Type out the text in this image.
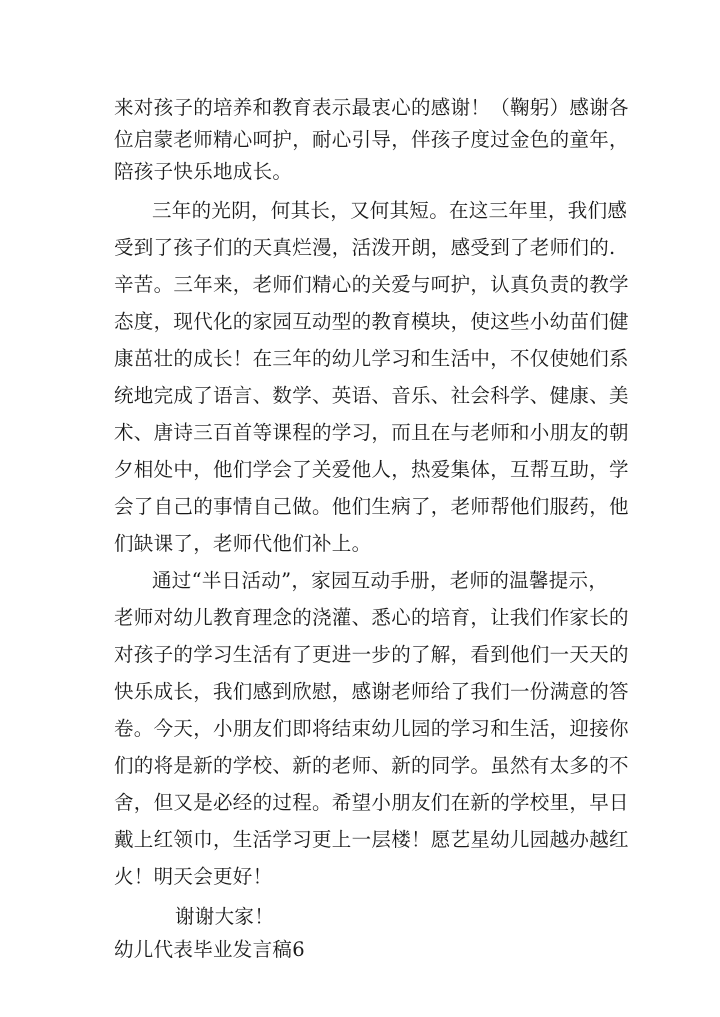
来对孩子的培养和教育表示最衷心的感谢！（鞠躬）感谢各
位启蒙老师精心呵护，耐心引导，伴孩子度过金色的童年，
陪孩子快乐地成长。
三年的光阴，何其长，又何其短。在这三年里，我们感
受到了孩子们的天真烂漫，活泼开朗，感受到了老师们的.
辛苦。三年来，老师们精心的关爱与呵护，认真负责的教学
态度，现代化的家园互动型的教育模块，使这些小幼苗们健
康茁壮的成长！在三年的幼儿学习和生活中，不仅使她们系
统地完成了语言、数学、英语、音乐、社会科学、健康、美
术、唐诗三百首等课程的学习，而且在与老师和小朋友的朝
夕相处中，他们学会了关爱他人，热爱集体，互帮互助，学
会了自己的事情自己做。他们生病了，老师帮他们服药，他
们缺课了，老师代他们补上。
通过“半日活动”，家园互动手册，老师的温馨提示，
老师对幼儿教育理念的浇灌、悉心的培育，让我们作家长的
对孩子的学习生活有了更进一步的了解，看到他们一天天的
快乐成长，我们感到欣慰，感谢老师给了我们一份满意的答
卷。今天，小朋友们即将结束幼儿园的学习和生活，迎接你
们的将是新的学校、新的老师、新的同学。虽然有太多的不
舍，但又是必经的过程。希望小朋友们在新的学校里，早日
戴上红领巾，生活学习更上一层楼！愿艺星幼儿园越办越红
火！明天会更好！
谢谢大家！
幼儿代表毕业发言稿6
